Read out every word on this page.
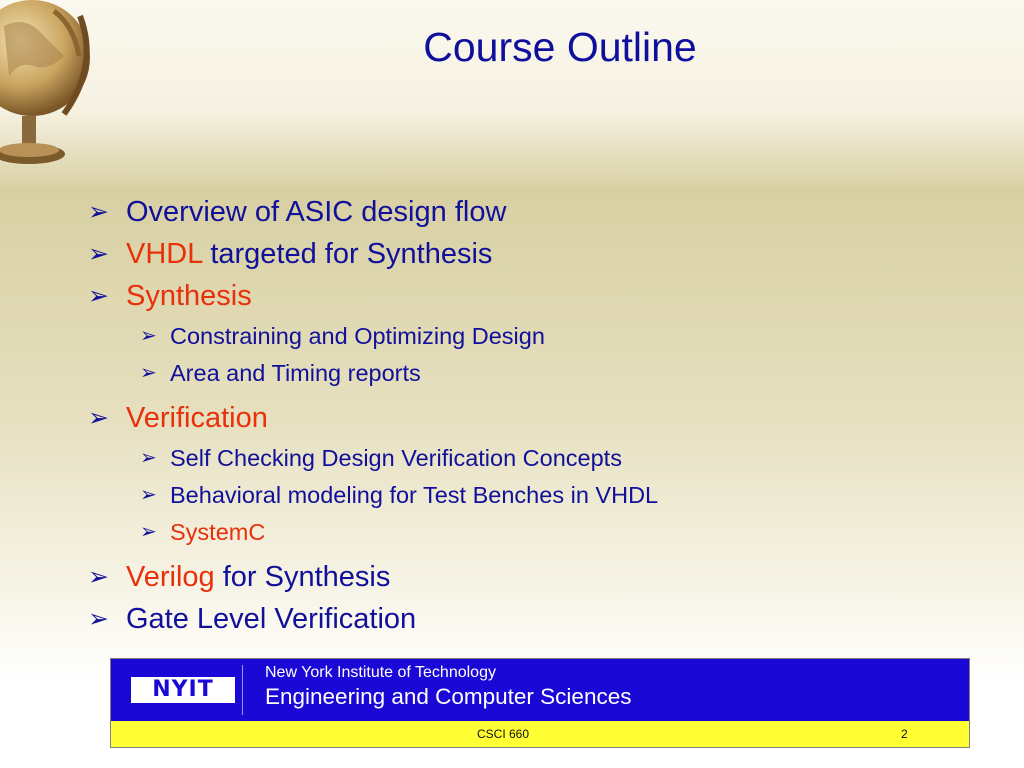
Course Outline
➢ Overview of ASIC design flow
➢ VHDL targeted for Synthesis
➢ Synthesis
➢ Constraining and Optimizing Design
➢ Area and Timing reports
➢ Verification
➢ Self Checking Design Verification Concepts
➢ Behavioral modeling for Test Benches in VHDL
➢ SystemC
➢ Verilog for Synthesis
➢ Gate Level Verification
NYIT
New York Institute of Technology
Engineering and Computer Sciences
CSCI 660	2
